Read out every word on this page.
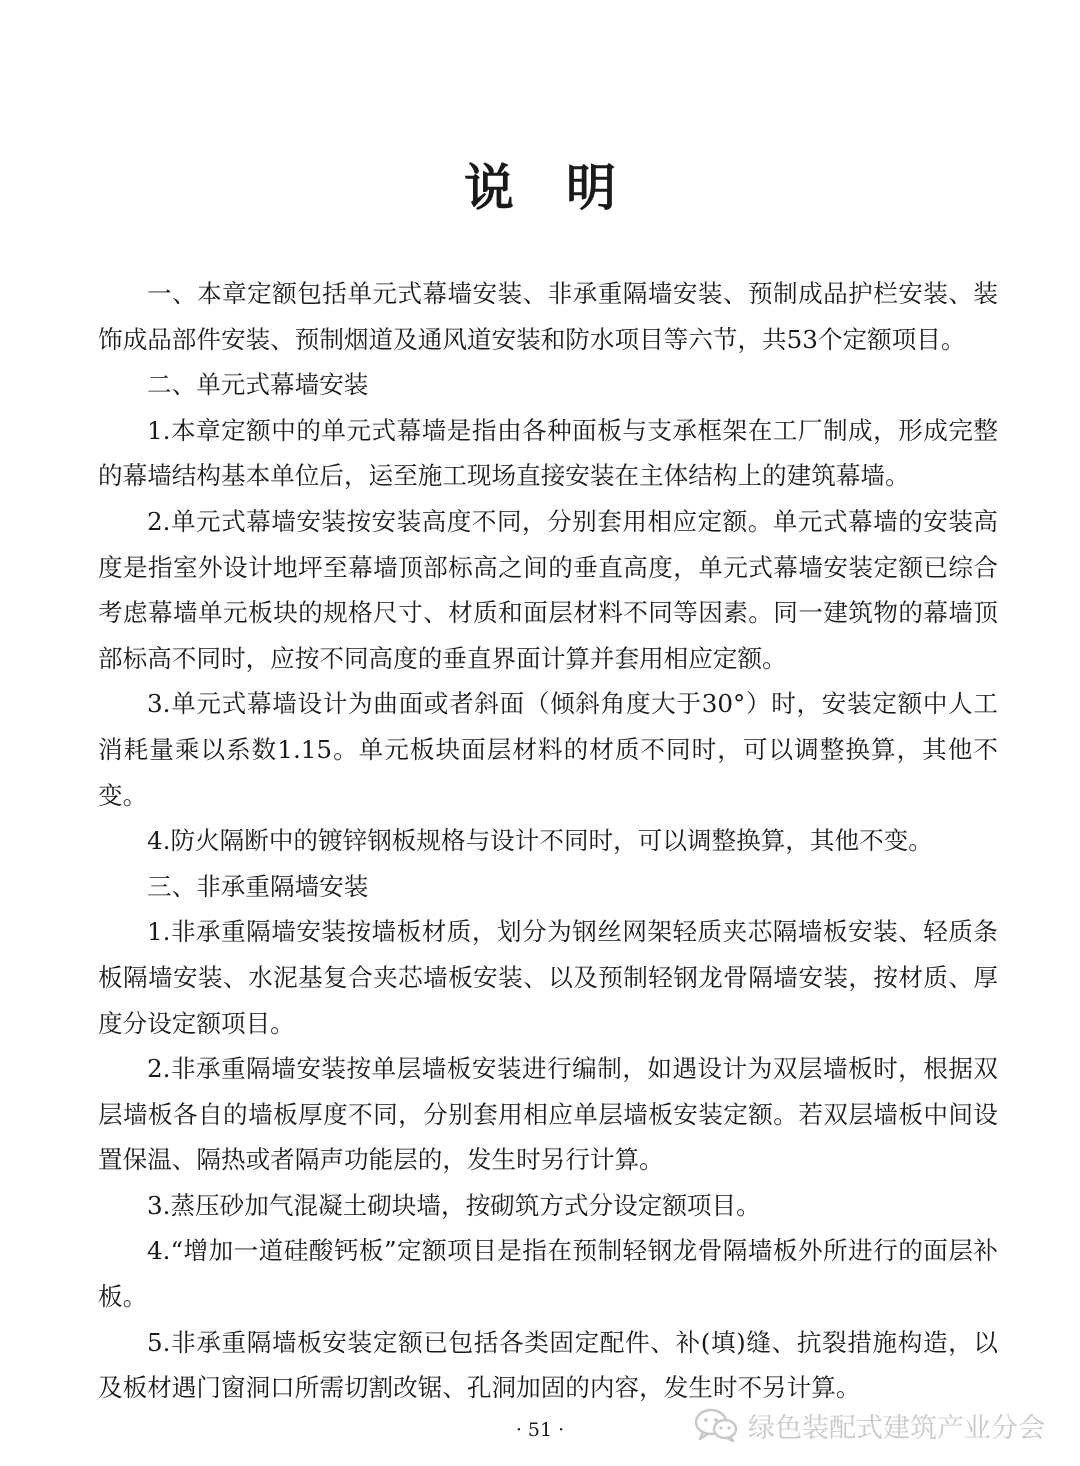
说明

一、本章定额包括单元式幕墙安装、非承重隔墙安装、预制成品护栏安装、装饰成品部件安装、预制烟道及通风道安装和防水项目等六节，共53个定额项目。

二、单元式幕墙安装

1.本章定额中的单元式幕墙是指由各种面板与支承框架在工厂制成，形成完整的幕墙结构基本单位后，运至施工现场直接安装在主体结构上的建筑幕墙。

2.单元式幕墙安装按安装高度不同，分别套用相应定额。单元式幕墙的安装高度是指室外设计地坪至幕墙顶部标高之间的垂直高度，单元式幕墙安装定额已综合考虑幕墙单元板块的规格尺寸、材质和面层材料不同等因素。同一建筑物的幕墙顶部标高不同时，应按不同高度的垂直界面计算并套用相应定额。

3.单元式幕墙设计为曲面或者斜面（倾斜角度大于30°）时，安装定额中人工消耗量乘以系数1.15。单元板块面层材料的材质不同时，可以调整换算，其他不变。

4.防火隔断中的镀锌钢板规格与设计不同时，可以调整换算，其他不变。

三、非承重隔墙安装

1.非承重隔墙安装按墙板材质，划分为钢丝网架轻质夹芯隔墙板安装、轻质条板隔墙安装、水泥基复合夹芯墙板安装、以及预制轻钢龙骨隔墙安装，按材质、厚度分设定额项目。

2.非承重隔墙安装按单层墙板安装进行编制，如遇设计为双层墙板时，根据双层墙板各自的墙板厚度不同，分别套用相应单层墙板安装定额。若双层墙板中间设置保温、隔热或者隔声功能层的，发生时另行计算。

3.蒸压砂加气混凝土砌块墙，按砌筑方式分设定额项目。

4.“增加一道硅酸钙板”定额项目是指在预制轻钢龙骨隔墙板外所进行的面层补板。

5.非承重隔墙板安装定额已包括各类固定配件、补(填)缝、抗裂措施构造，以及板材遇门窗洞口所需切割改锯、孔洞加固的内容，发生时不另计算。

· 51 ·	绿色装配式建筑产业分会
